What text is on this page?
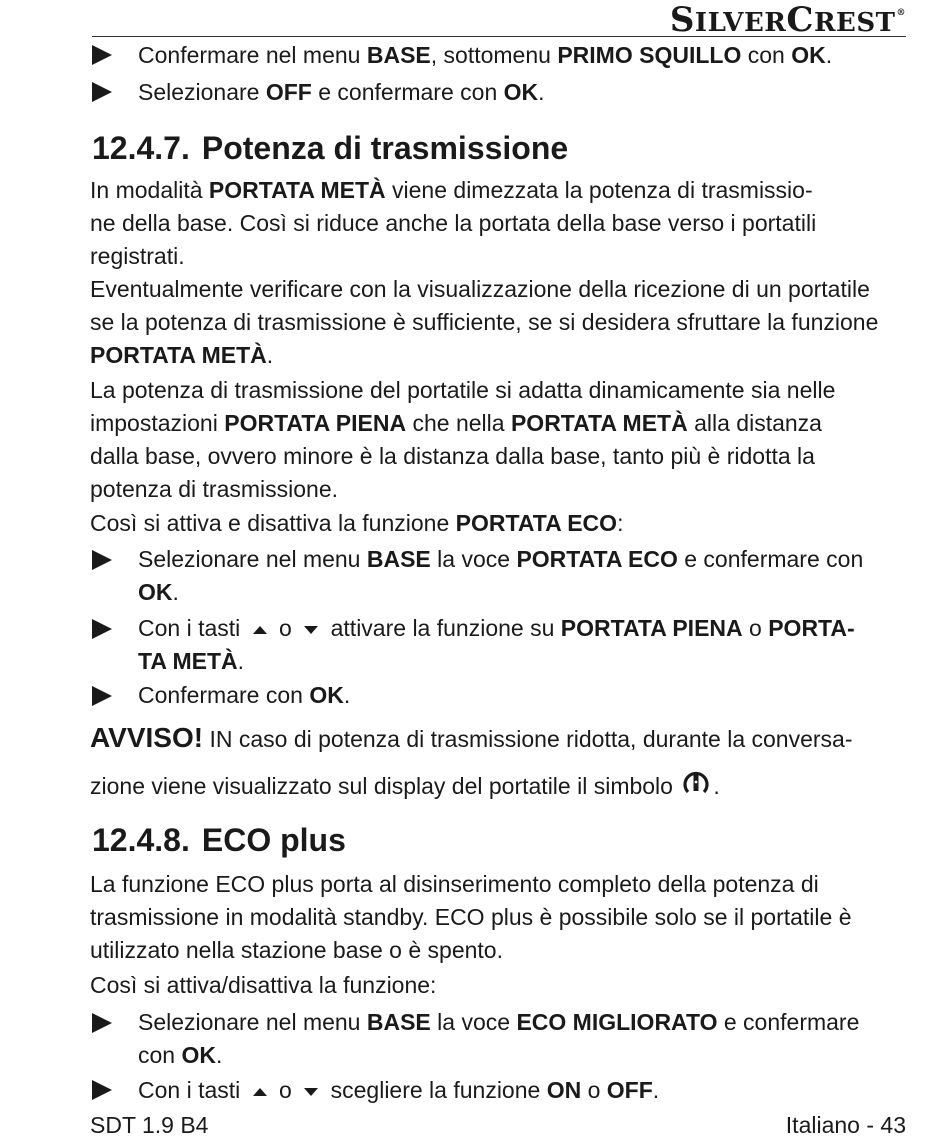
SILVERCREST®
Confermare nel menu BASE, sottomenu PRIMO SQUILLO con OK.
Selezionare OFF e confermare con OK.
12.4.7. Potenza di trasmissione
In modalità PORTATA METÀ viene dimezzata la potenza di trasmissio-
ne della base. Così si riduce anche la portata della base verso i portatili
registrati.
Eventualmente verificare con la visualizzazione della ricezione di un portatile
se la potenza di trasmissione è sufficiente, se si desidera sfruttare la funzione
PORTATA METÀ.
La potenza di trasmissione del portatile si adatta dinamicamente sia nelle
impostazioni PORTATA PIENA che nella PORTATA METÀ alla distanza
dalla base, ovvero minore è la distanza dalla base, tanto più è ridotta la
potenza di trasmissione.
Così si attiva e disattiva la funzione PORTATA ECO:
Selezionare nel menu BASE la voce PORTATA ECO e confermare con
OK.
Con i tasti  o  attivare la funzione su PORTATA PIENA o PORTA-
TA METÀ.
Confermare con OK.
AVVISO! IN caso di potenza di trasmissione ridotta, durante la conversa-
zione viene visualizzato sul display del portatile il simbolo .
12.4.8. ECO plus
La funzione ECO plus porta al disinserimento completo della potenza di
trasmissione in modalità standby. ECO plus è possibile solo se il portatile è
utilizzato nella stazione base o è spento.
Così si attiva/disattiva la funzione:
Selezionare nel menu BASE la voce ECO MIGLIORATO e confermare
con OK.
Con i tasti  o  scegliere la funzione ON o OFF.
SDT 1.9 B4	Italiano - 43
